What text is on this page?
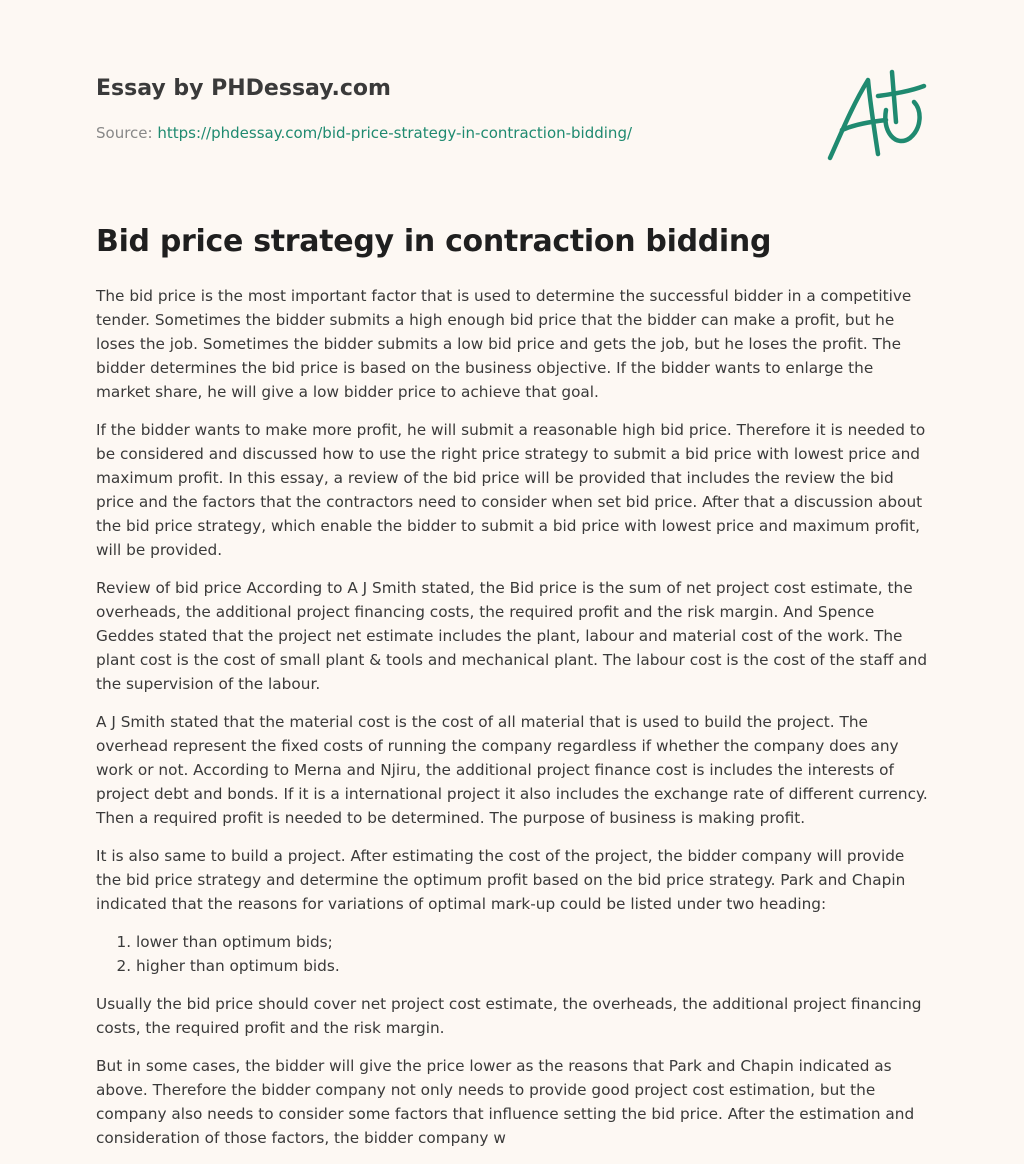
Essay by PHDessay.com
Source: https://phdessay.com/bid-price-strategy-in-contraction-bidding/
Bid price strategy in contraction bidding

The bid price is the most important factor that is used to determine the successful bidder in a competitive tender. Sometimes the bidder submits a high enough bid price that the bidder can make a profit, but he loses the job. Sometimes the bidder submits a low bid price and gets the job, but he loses the profit. The bidder determines the bid price is based on the business objective. If the bidder wants to enlarge the market share, he will give a low bidder price to achieve that goal.

If the bidder wants to make more profit, he will submit a reasonable high bid price. Therefore it is needed to be considered and discussed how to use the right price strategy to submit a bid price with lowest price and maximum profit. In this essay, a review of the bid price will be provided that includes the review the bid price and the factors that the contractors need to consider when set bid price. After that a discussion about the bid price strategy, which enable the bidder to submit a bid price with lowest price and maximum profit, will be provided.

Review of bid price According to A J Smith stated, the Bid price is the sum of net project cost estimate, the overheads, the additional project financing costs, the required profit and the risk margin. And Spence Geddes stated that the project net estimate includes the plant, labour and material cost of the work. The plant cost is the cost of small plant & tools and mechanical plant. The labour cost is the cost of the staff and the supervision of the labour.

A J Smith stated that the material cost is the cost of all material that is used to build the project. The overhead represent the fixed costs of running the company regardless if whether the company does any work or not. According to Merna and Njiru, the additional project finance cost is includes the interests of project debt and bonds. If it is a international project it also includes the exchange rate of different currency. Then a required profit is needed to be determined. The purpose of business is making profit.

It is also same to build a project. After estimating the cost of the project, the bidder company will provide the bid price strategy and determine the optimum profit based on the bid price strategy. Park and Chapin indicated that the reasons for variations of optimal mark-up could be listed under two heading:

1. lower than optimum bids;
2. higher than optimum bids.

Usually the bid price should cover net project cost estimate, the overheads, the additional project financing costs, the required profit and the risk margin.

But in some cases, the bidder will give the price lower as the reasons that Park and Chapin indicated as above. Therefore the bidder company not only needs to provide good project cost estimation, but the company also needs to consider some factors that influence setting the bid price. After the estimation and consideration of those factors, the bidder company w
